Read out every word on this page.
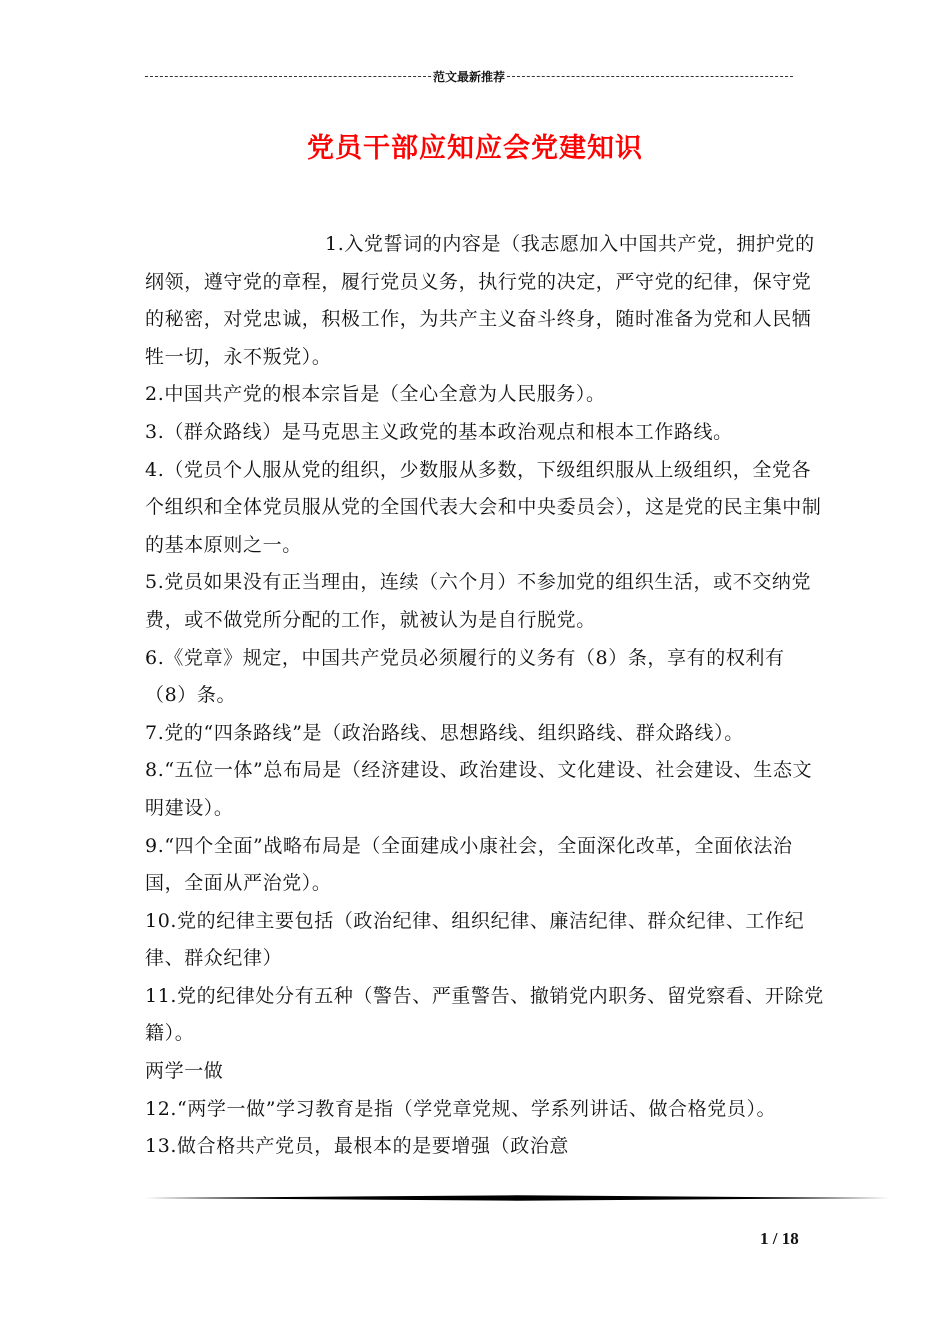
范文最新推荐
党员干部应知应会党建知识

1.入党誓词的内容是（我志愿加入中国共产党，拥护党的纲领，遵守党的章程，履行党员义务，执行党的决定，严守党的纪律，保守党的秘密，对党忠诚，积极工作，为共产主义奋斗终身，随时准备为党和人民牺牲一切，永不叛党）。

2.中国共产党的根本宗旨是（全心全意为人民服务）。

3.（群众路线）是马克思主义政党的基本政治观点和根本工作路线。

4.（党员个人服从党的组织，少数服从多数，下级组织服从上级组织，全党各个组织和全体党员服从党的全国代表大会和中央委员会），这是党的民主集中制的基本原则之一。

5.党员如果没有正当理由，连续（六个月）不参加党的组织生活，或不交纳党费，或不做党所分配的工作，就被认为是自行脱党。

6.《党章》规定，中国共产党员必须履行的义务有（8）条，享有的权利有（8）条。

7.党的“四条路线”是（政治路线、思想路线、组织路线、群众路线）。

8.“五位一体”总布局是（经济建设、政治建设、文化建设、社会建设、生态文明建设）。

9.“四个全面”战略布局是（全面建成小康社会，全面深化改革，全面依法治国，全面从严治党）。

10.党的纪律主要包括（政治纪律、组织纪律、廉洁纪律、群众纪律、工作纪律、群众纪律）

11.党的纪律处分有五种（警告、严重警告、撤销党内职务、留党察看、开除党籍）。

两学一做

12.“两学一做”学习教育是指（学党章党规、学系列讲话、做合格党员）。

13.做合格共产党员，最根本的是要增强（政治意

1 / 18
